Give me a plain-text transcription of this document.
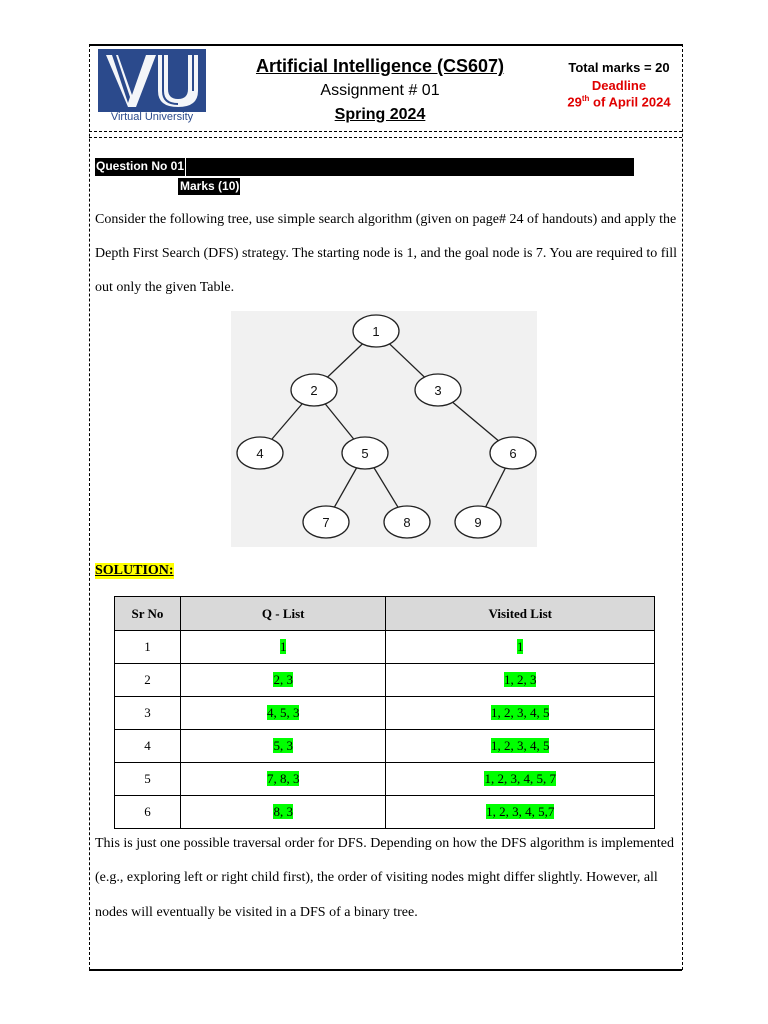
Virtual University
Artificial Intelligence (CS607)
Assignment # 01
Spring 2024
Total marks = 20
Deadline
29th of April 2024
Question No 01
Marks (10)
Consider the following tree, use simple search algorithm (given on page# 24 of handouts) and apply the
Depth First Search (DFS) strategy. The starting node is 1, and the goal node is 7. You are required to fill
out only the given Table.
1
2	3
4	5	6
7	8	9
SOLUTION:
Sr No	Q - List	Visited List
1	1	1
2	2, 3	1, 2, 3
3	4, 5, 3	1, 2, 3, 4, 5
4	5, 3	1, 2, 3, 4, 5
5	7, 8, 3	1, 2, 3, 4, 5, 7
6	8, 3	1, 2, 3, 4, 5,7
This is just one possible traversal order for DFS. Depending on how the DFS algorithm is implemented
(e.g., exploring left or right child first), the order of visiting nodes might differ slightly. However, all
nodes will eventually be visited in a DFS of a binary tree.
